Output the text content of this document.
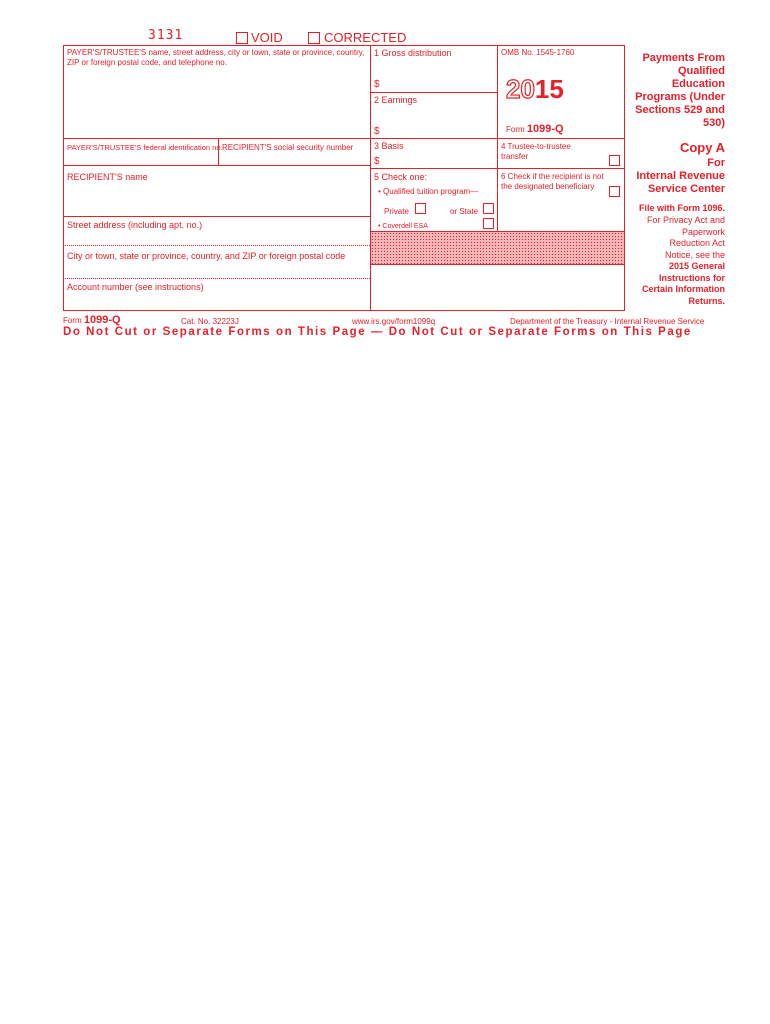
3131	VOID	CORRECTED
PAYER'S/TRUSTEE'S name, street address, city or town, state or province, country, ZIP or foreign postal code, and telephone no.
PAYER'S/TRUSTEE'S federal identification no. RECIPIENT'S social security number
RECIPIENT'S name
Street address (including apt. no.)
City or town, state or province, country, and ZIP or foreign postal code
Account number (see instructions)
1 Gross distribution
$
2 Earnings
$
3 Basis
$
OMB No. 1545-1760
2015
Form 1099-Q
4 Trustee-to-trustee transfer
5 Check one:
• Qualified tuition program—
Private	or State
• Coverdell ESA
6 Check if the recipient is not the designated beneficiary
Payments From Qualified Education Programs (Under Sections 529 and 530)
Copy A
For
Internal Revenue Service Center
File with Form 1096.
For Privacy Act and Paperwork Reduction Act Notice, see the
2015 General Instructions for Certain Information Returns.
Form 1099-Q	Cat. No. 32223J	www.irs.gov/form1099q	Department of the Treasury - Internal Revenue Service
Do Not Cut or Separate Forms on This Page — Do Not Cut or Separate Forms on This Page
